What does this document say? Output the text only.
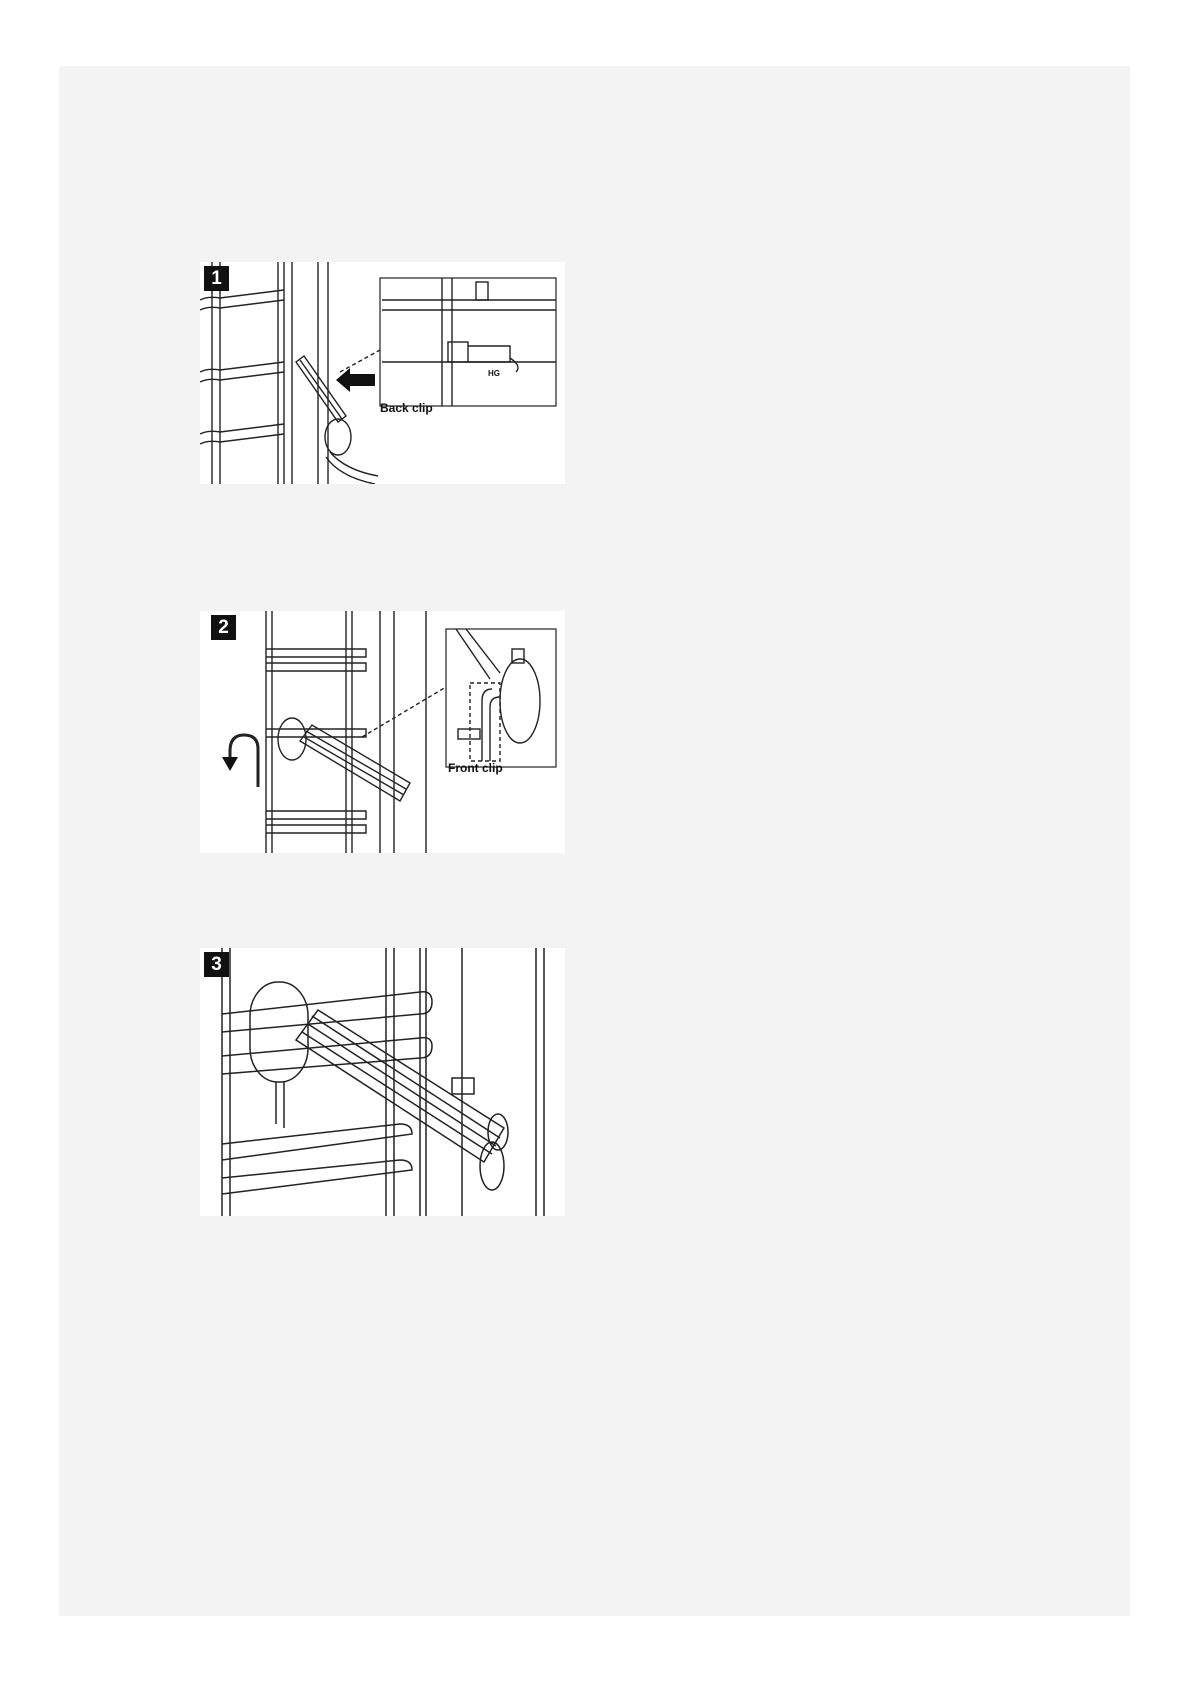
1
Back clip
HG
2
Front clip
3
